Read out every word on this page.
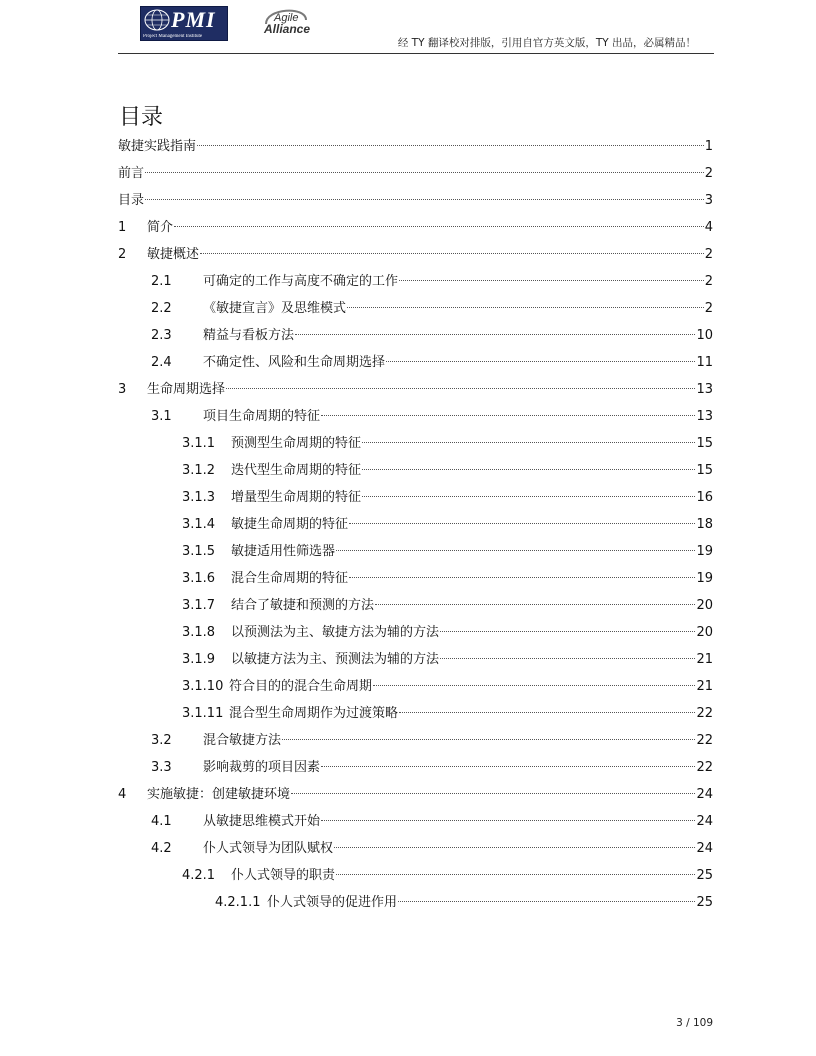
PMI
Project Management Institute
Agile
Alliance
经 TY 翻译校对排版，引用自官方英文版，TY 出品，必属精品！
目录
敏捷实践指南	1
前言	2
目录	3
1	简介	4
2	敏捷概述	2
2.1	可确定的工作与高度不确定的工作	2
2.2	《敏捷宣言》及思维模式	2
2.3	精益与看板方法	10
2.4	不确定性、风险和生命周期选择	11
3	生命周期选择	13
3.1	项目生命周期的特征	13
3.1.1	预测型生命周期的特征	15
3.1.2	迭代型生命周期的特征	15
3.1.3	增量型生命周期的特征	16
3.1.4	敏捷生命周期的特征	18
3.1.5	敏捷适用性筛选器	19
3.1.6	混合生命周期的特征	19
3.1.7	结合了敏捷和预测的方法	20
3.1.8	以预测法为主、敏捷方法为辅的方法	20
3.1.9	以敏捷方法为主、预测法为辅的方法	21
3.1.10 符合目的的混合生命周期	21
3.1.11 混合型生命周期作为过渡策略	22
3.2	混合敏捷方法	22
3.3	影响裁剪的项目因素	22
4	实施敏捷：创建敏捷环境	24
4.1	从敏捷思维模式开始	24
4.2	仆人式领导为团队赋权	24
4.2.1	仆人式领导的职责	25
4.2.1.1 仆人式领导的促进作用	25
3 / 109
